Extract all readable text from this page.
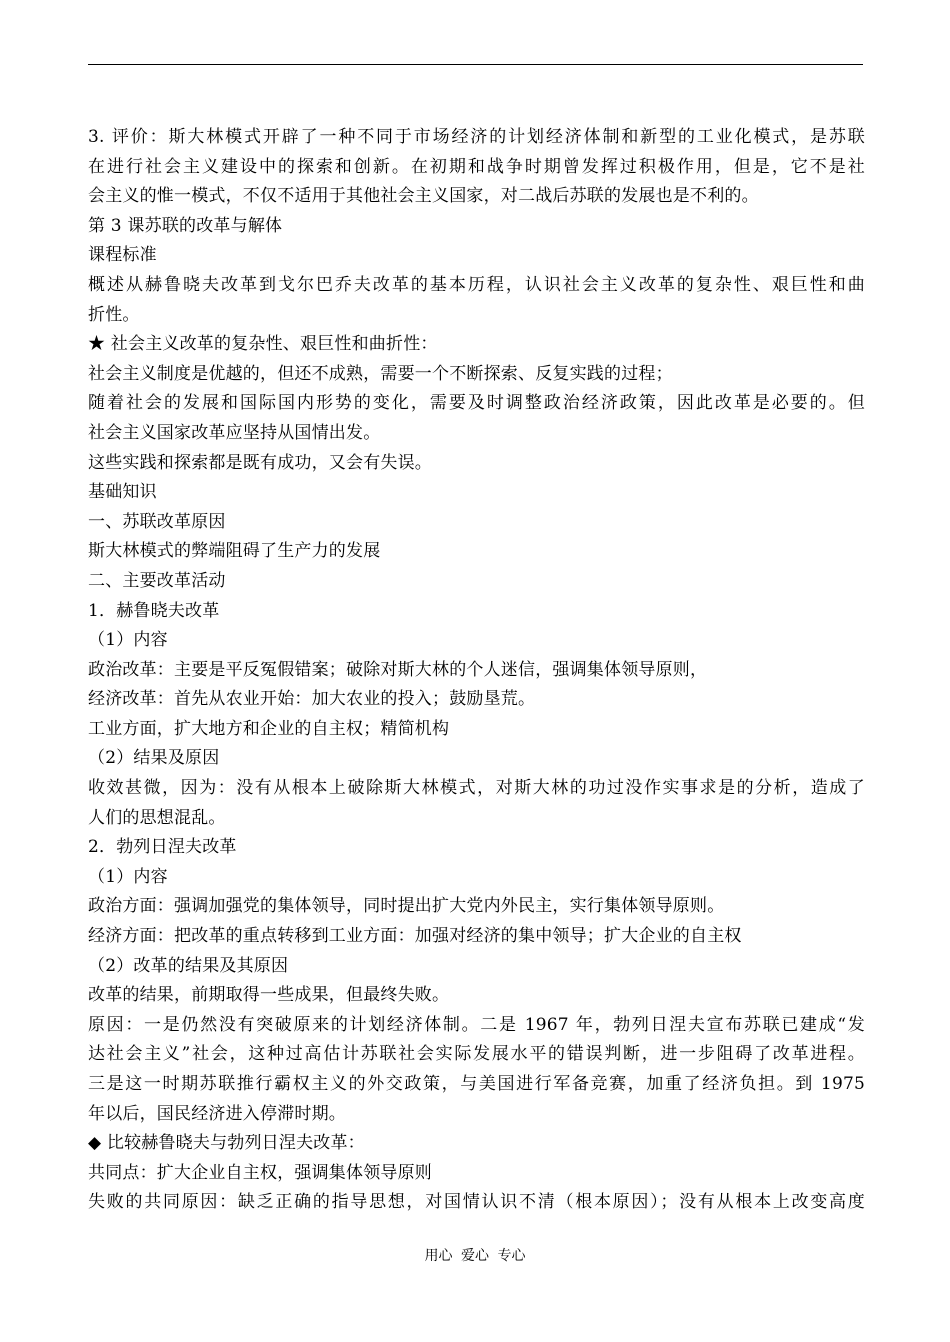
3. 评价：斯大林模式开辟了一种不同于市场经济的计划经济体制和新型的工业化模式，是苏联
在进行社会主义建设中的探索和创新。在初期和战争时期曾发挥过积极作用，但是，它不是社
会主义的惟一模式，不仅不适用于其他社会主义国家，对二战后苏联的发展也是不利的。
第 3 课苏联的改革与解体
课程标准
概述从赫鲁晓夫改革到戈尔巴乔夫改革的基本历程，认识社会主义改革的复杂性、艰巨性和曲
折性。
★ 社会主义改革的复杂性、艰巨性和曲折性：
社会主义制度是优越的，但还不成熟，需要一个不断探索、反复实践的过程；
随着社会的发展和国际国内形势的变化，需要及时调整政治经济政策，因此改革是必要的。但
社会主义国家改革应坚持从国情出发。
这些实践和探索都是既有成功，又会有失误。
基础知识
一、苏联改革原因
斯大林模式的弊端阻碍了生产力的发展
二、主要改革活动
1．赫鲁晓夫改革
（1）内容
政治改革：主要是平反冤假错案；破除对斯大林的个人迷信，强调集体领导原则，
经济改革：首先从农业开始：加大农业的投入；鼓励垦荒。
工业方面，扩大地方和企业的自主权；精简机构
（2）结果及原因
收效甚微，因为：没有从根本上破除斯大林模式，对斯大林的功过没作实事求是的分析，造成了
人们的思想混乱。
2．勃列日涅夫改革
（1）内容
政治方面：强调加强党的集体领导，同时提出扩大党内外民主，实行集体领导原则。
经济方面：把改革的重点转移到工业方面：加强对经济的集中领导；扩大企业的自主权
（2）改革的结果及其原因
改革的结果，前期取得一些成果，但最终失败。
原因：一是仍然没有突破原来的计划经济体制。二是 1967 年，勃列日涅夫宣布苏联已建成“发
达社会主义”社会，这种过高估计苏联社会实际发展水平的错误判断，进一步阻碍了改革进程。
三是这一时期苏联推行霸权主义的外交政策，与美国进行军备竞赛，加重了经济负担。到 1975
年以后，国民经济进入停滞时期。
◆ 比较赫鲁晓夫与勃列日涅夫改革：
共同点：扩大企业自主权，强调集体领导原则
失败的共同原因：缺乏正确的指导思想，对国情认识不清（根本原因）；没有从根本上改变高度
用心 爱心 专心
